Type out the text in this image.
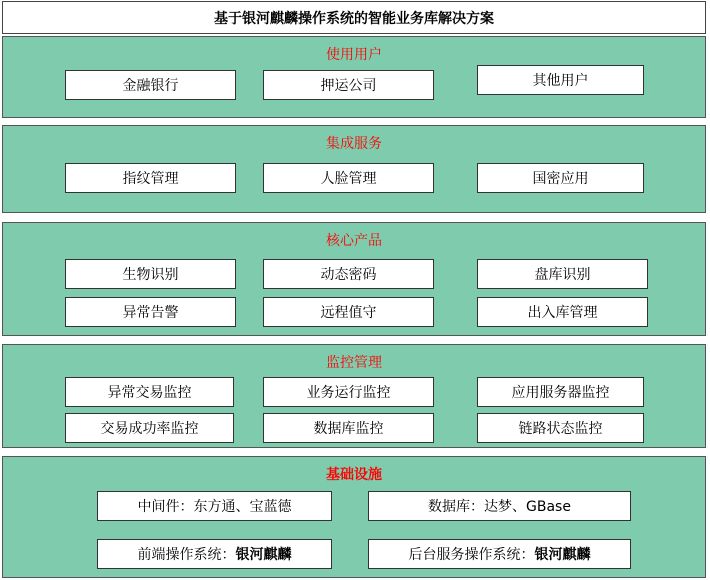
基于银河麒麟操作系统的智能业务库解决方案
使用用户
金融银行	押运公司	其他用户
集成服务
指纹管理	人脸管理	国密应用
核心产品
生物识别	动态密码	盘库识别
异常告警	远程值守	出入库管理
监控管理
异常交易监控	业务运行监控	应用服务器监控
交易成功率监控	数据库监控	链路状态监控
基础设施
中间件：东方通、宝蓝德	数据库：达梦、GBase
前端操作系统： 银河麒麟	后台服务操作系统： 银河麒麟
